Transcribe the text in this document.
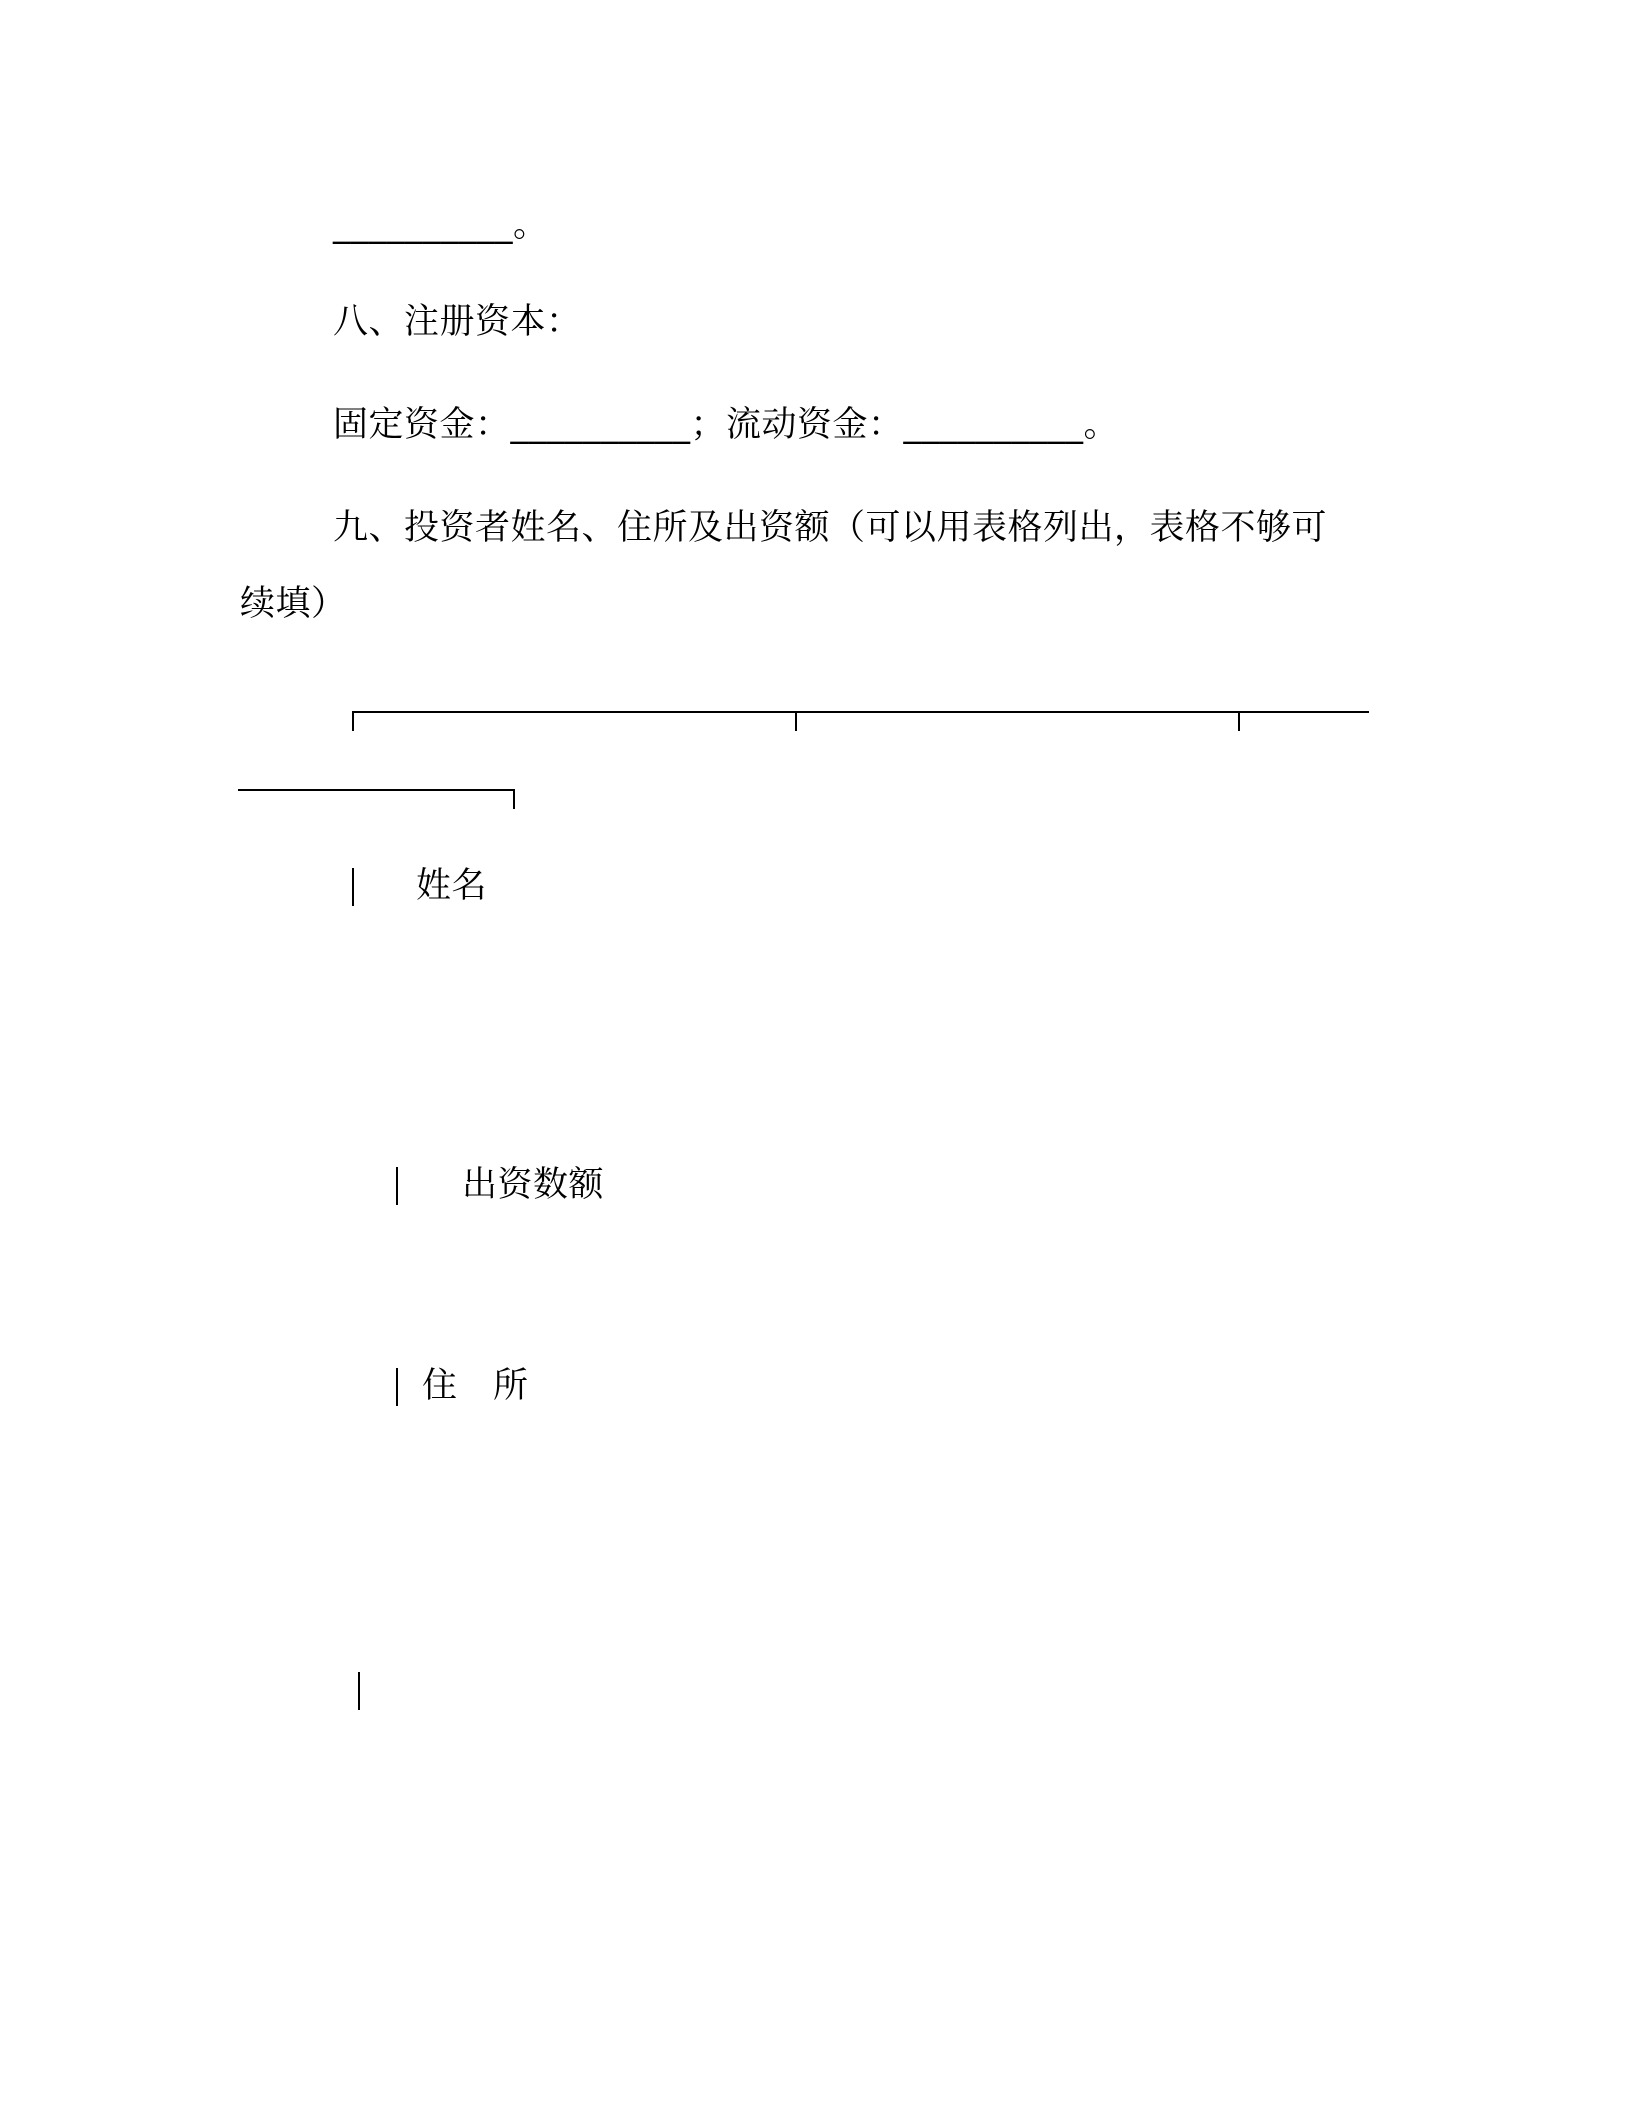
__________。
八、注册资本：
固定资金：__________；流动资金：__________。
九、投资者姓名、住所及出资额（可以用表格列出，表格不够可
续填）
姓名
出资数额
住　所
